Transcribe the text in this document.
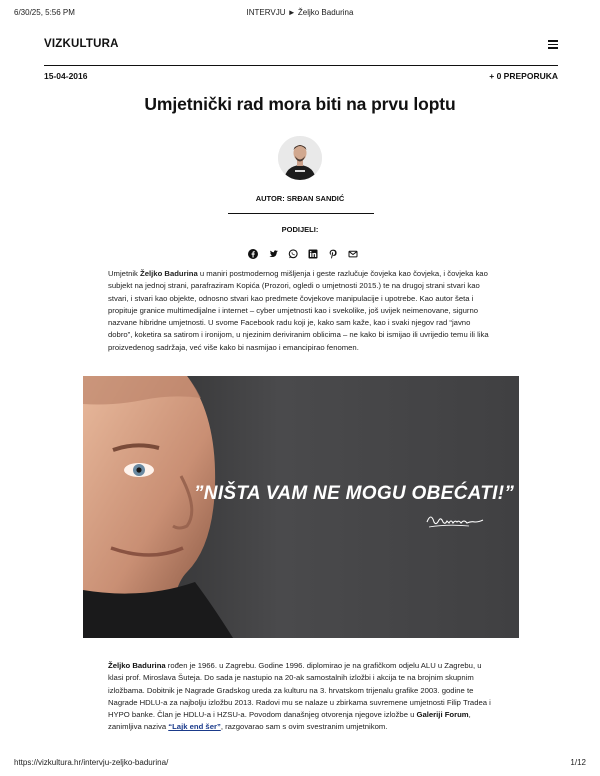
6/30/25, 5:56 PM	INTERVJU ► Željko Badurina
VIZKULTURA
15-04-2016	+ 0 PREPORUKA
Umjetnički rad mora biti na prvu loptu
AUTOR: SRĐAN SANDIĆ
PODIJELI:

Umjetnik Željko Badurina u maniri postmodernog mišljenja i geste razlučuje čovjeka kao čovjeka, i čovjeka kao subjekt na jednoj strani, parafraziram Kopića (Prozori, ogledi o umjetnosti 2015.) te na drugoj strani stvari kao stvari, i stvari kao objekte, odnosno stvari kao predmete čovjekove manipulacije i upotrebe. Kao autor šeta i propituje granice multimedijalne i internet – cyber umjetnosti kao i svekolike, još uvijek neimenovane, sigurno nazvane hibridne umjetnosti. U svome Facebook radu koji je, kako sam kaže, kao i svaki njegov rad “javno dobro”, koketira sa satirom i ironijom, u njezinim deriviranim oblicima – ne kako bi ismijao ili uvrijedio temu ili lika proizvedenog sadržaja, već više kako bi nasmijao i emancipirao fenomen.

”NIŠTA VAM NE MOGU OBEĆATI!”

Željko Badurina rođen je 1966. u Zagrebu. Godine 1996. diplomirao je na grafičkom odjelu ALU u Zagrebu, u klasi prof. Miroslava Šuteja. Do sada je nastupio na 20-ak samostalnih izložbi i akcija te na brojnim skupnim izložbama. Dobitnik je Nagrade Gradskog ureda za kulturu na 3. hrvatskom trijenalu grafike 2003. godine te Nagrade HDLU-a za najbolju izložbu 2013. Radovi mu se nalaze u zbirkama suvremene umjetnosti Filip Tradea i HYPO banke. Član je HDLU-a i HZSU-a. Povodom današnjeg otvorenja njegove izložbe u Galeriji Forum, zanimljiva naziva “Lajk end šer”, razgovarao sam s ovim svestranim umjetnikom.

https://vizkultura.hr/intervju-zeljko-badurina/	1/12
